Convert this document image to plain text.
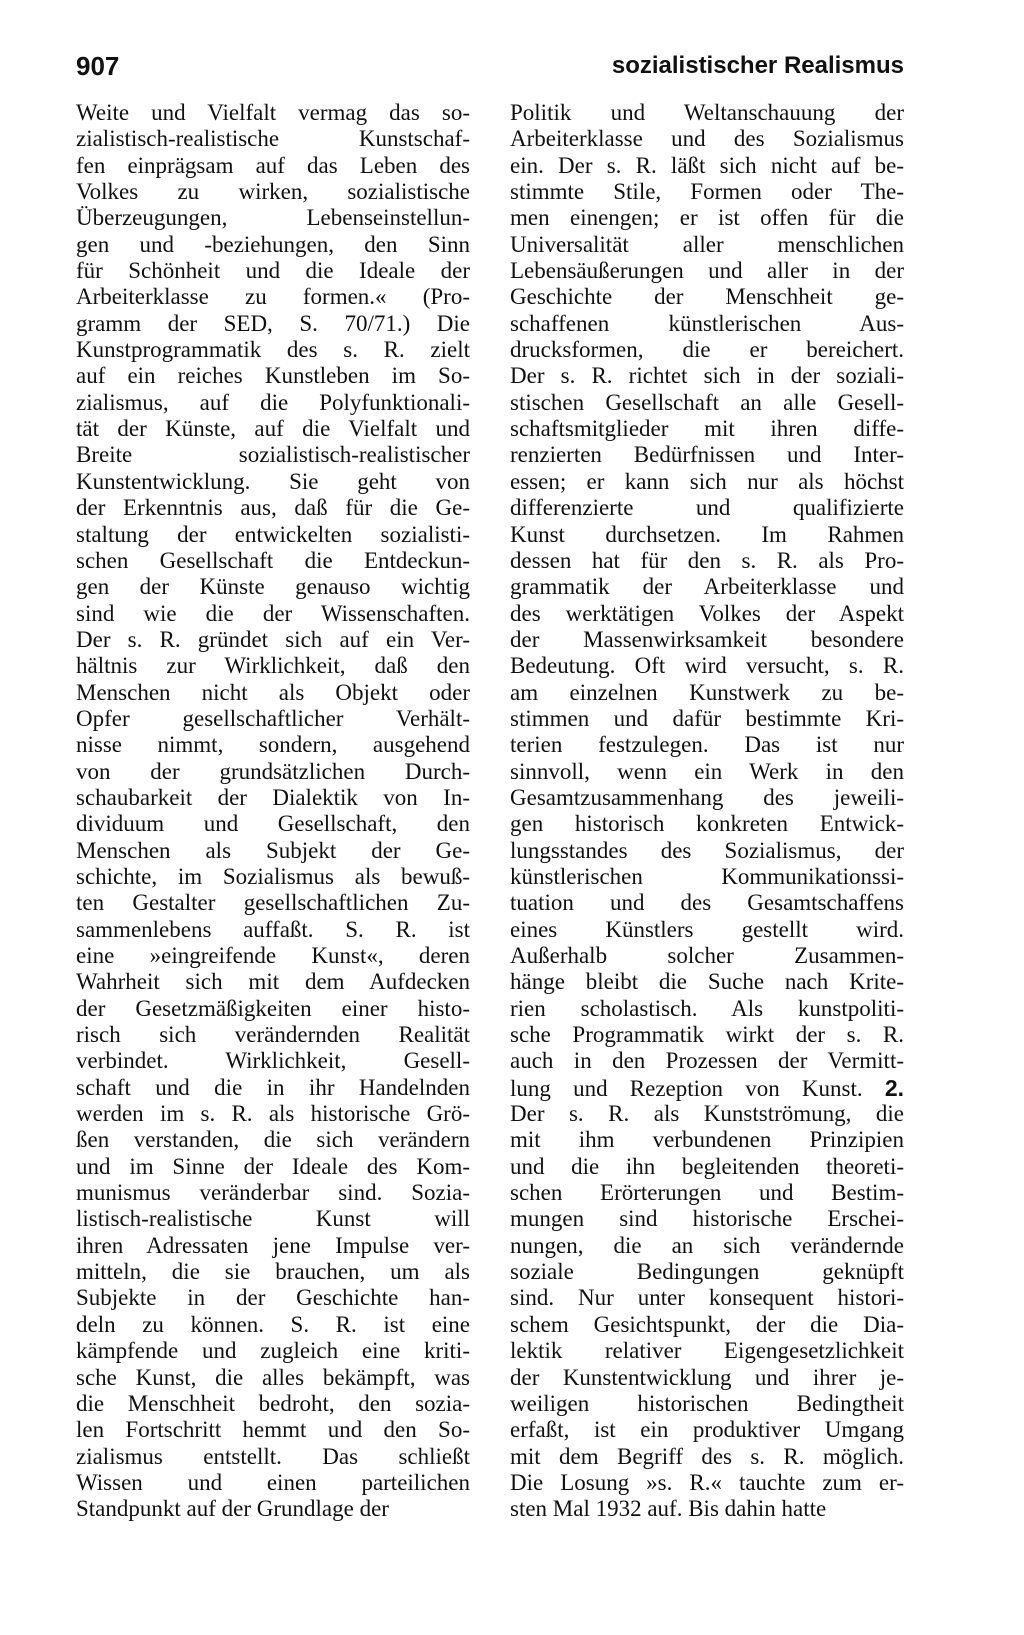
907	sozialistischer Realismus
Weite und Vielfalt vermag das so-
zialistisch-realistische Kunstschaf-
fen einprägsam auf das Leben des
Volkes zu wirken, sozialistische
Überzeugungen, Lebenseinstellun-
gen und -beziehungen, den Sinn
für Schönheit und die Ideale der
Arbeiterklasse zu formen.« (Pro-
gramm der SED, S. 70/71.) Die
Kunstprogrammatik des s. R. zielt
auf ein reiches Kunstleben im So-
zialismus, auf die Polyfunktionali-
tät der Künste, auf die Vielfalt und
Breite sozialistisch-realistischer
Kunstentwicklung. Sie geht von
der Erkenntnis aus, daß für die Ge-
staltung der entwickelten sozialisti-
schen Gesellschaft die Entdeckun-
gen der Künste genauso wichtig
sind wie die der Wissenschaften.
Der s. R. gründet sich auf ein Ver-
hältnis zur Wirklichkeit, daß den
Menschen nicht als Objekt oder
Opfer gesellschaftlicher Verhält-
nisse nimmt, sondern, ausgehend
von der grundsätzlichen Durch-
schaubarkeit der Dialektik von In-
dividuum und Gesellschaft, den
Menschen als Subjekt der Ge-
schichte, im Sozialismus als bewuß-
ten Gestalter gesellschaftlichen Zu-
sammenlebens auffaßt. S. R. ist
eine »eingreifende Kunst«, deren
Wahrheit sich mit dem Aufdecken
der Gesetzmäßigkeiten einer histo-
risch sich verändernden Realität
verbindet. Wirklichkeit, Gesell-
schaft und die in ihr Handelnden
werden im s. R. als historische Grö-
ßen verstanden, die sich verändern
und im Sinne der Ideale des Kom-
munismus veränderbar sind. Sozia-
listisch-realistische Kunst will
ihren Adressaten jene Impulse ver-
mitteln, die sie brauchen, um als
Subjekte in der Geschichte han-
deln zu können. S. R. ist eine
kämpfende und zugleich eine kriti-
sche Kunst, die alles bekämpft, was
die Menschheit bedroht, den sozia-
len Fortschritt hemmt und den So-
zialismus entstellt. Das schließt
Wissen und einen parteilichen
Standpunkt auf der Grundlage der
Politik und Weltanschauung der
Arbeiterklasse und des Sozialismus
ein. Der s. R. läßt sich nicht auf be-
stimmte Stile, Formen oder The-
men einengen; er ist offen für die
Universalität aller menschlichen
Lebensäußerungen und aller in der
Geschichte der Menschheit ge-
schaffenen künstlerischen Aus-
drucksformen, die er bereichert.
Der s. R. richtet sich in der soziali-
stischen Gesellschaft an alle Gesell-
schaftsmitglieder mit ihren diffe-
renzierten Bedürfnissen und Inter-
essen; er kann sich nur als höchst
differenzierte und qualifizierte
Kunst durchsetzen. Im Rahmen
dessen hat für den s. R. als Pro-
grammatik der Arbeiterklasse und
des werktätigen Volkes der Aspekt
der Massenwirksamkeit besondere
Bedeutung. Oft wird versucht, s. R.
am einzelnen Kunstwerk zu be-
stimmen und dafür bestimmte Kri-
terien festzulegen. Das ist nur
sinnvoll, wenn ein Werk in den
Gesamtzusammenhang des jeweili-
gen historisch konkreten Entwick-
lungsstandes des Sozialismus, der
künstlerischen Kommunikationssi-
tuation und des Gesamtschaffens
eines Künstlers gestellt wird.
Außerhalb solcher Zusammen-
hänge bleibt die Suche nach Krite-
rien scholastisch. Als kunstpoliti-
sche Programmatik wirkt der s. R.
auch in den Prozessen der Vermitt-
lung und Rezeption von Kunst. 2.
Der s. R. als Kunstströmung, die
mit ihm verbundenen Prinzipien
und die ihn begleitenden theoreti-
schen Erörterungen und Bestim-
mungen sind historische Erschei-
nungen, die an sich verändernde
soziale Bedingungen geknüpft
sind. Nur unter konsequent histori-
schem Gesichtspunkt, der die Dia-
lektik relativer Eigengesetzlichkeit
der Kunstentwicklung und ihrer je-
weiligen historischen Bedingtheit
erfaßt, ist ein produktiver Umgang
mit dem Begriff des s. R. möglich.
Die Losung »s. R.« tauchte zum er-
sten Mal 1932 auf. Bis dahin hatte
